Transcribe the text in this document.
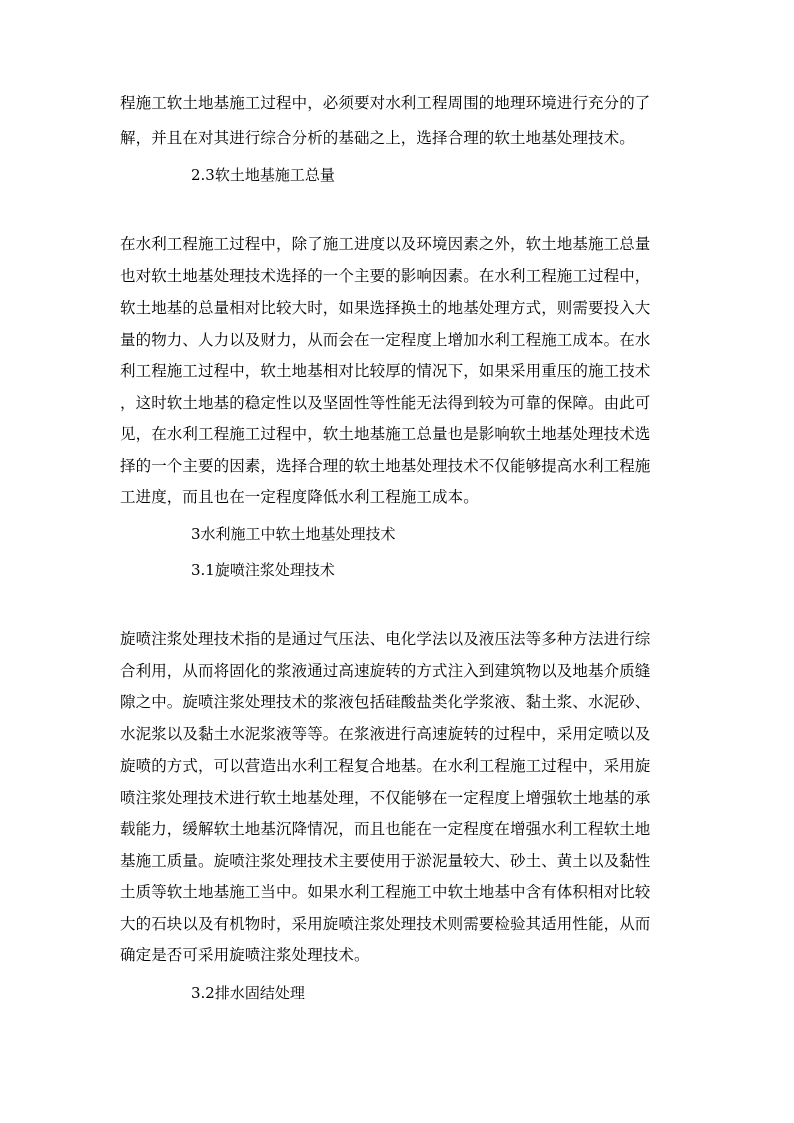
程施工软土地基施工过程中，必须要对水利工程周围的地理环境进行充分的了
解，并且在对其进行综合分析的基础之上，选择合理的软土地基处理技术。
2.3软土地基施工总量
在水利工程施工过程中，除了施工进度以及环境因素之外，软土地基施工总量
也对软土地基处理技术选择的一个主要的影响因素。在水利工程施工过程中，
软土地基的总量相对比较大时，如果选择换土的地基处理方式，则需要投入大
量的物力、人力以及财力，从而会在一定程度上增加水利工程施工成本。在水
利工程施工过程中，软土地基相对比较厚的情况下，如果采用重压的施工技术
，这时软土地基的稳定性以及坚固性等性能无法得到较为可靠的保障。由此可
见，在水利工程施工过程中，软土地基施工总量也是影响软土地基处理技术选
择的一个主要的因素，选择合理的软土地基处理技术不仅能够提高水利工程施
工进度，而且也在一定程度降低水利工程施工成本。
3水利施工中软土地基处理技术
3.1旋喷注浆处理技术
旋喷注浆处理技术指的是通过气压法、电化学法以及液压法等多种方法进行综
合利用，从而将固化的浆液通过高速旋转的方式注入到建筑物以及地基介质缝
隙之中。旋喷注浆处理技术的浆液包括硅酸盐类化学浆液、黏土浆、水泥砂、
水泥浆以及黏土水泥浆液等等。在浆液进行高速旋转的过程中，采用定喷以及
旋喷的方式，可以营造出水利工程复合地基。在水利工程施工过程中，采用旋
喷注浆处理技术进行软土地基处理，不仅能够在一定程度上增强软土地基的承
载能力，缓解软土地基沉降情况，而且也能在一定程度在增强水利工程软土地
基施工质量。旋喷注浆处理技术主要使用于淤泥量较大、砂土、黄土以及黏性
土质等软土地基施工当中。如果水利工程施工中软土地基中含有体积相对比较
大的石块以及有机物时，采用旋喷注浆处理技术则需要检验其适用性能，从而
确定是否可采用旋喷注浆处理技术。
3.2排水固结处理
